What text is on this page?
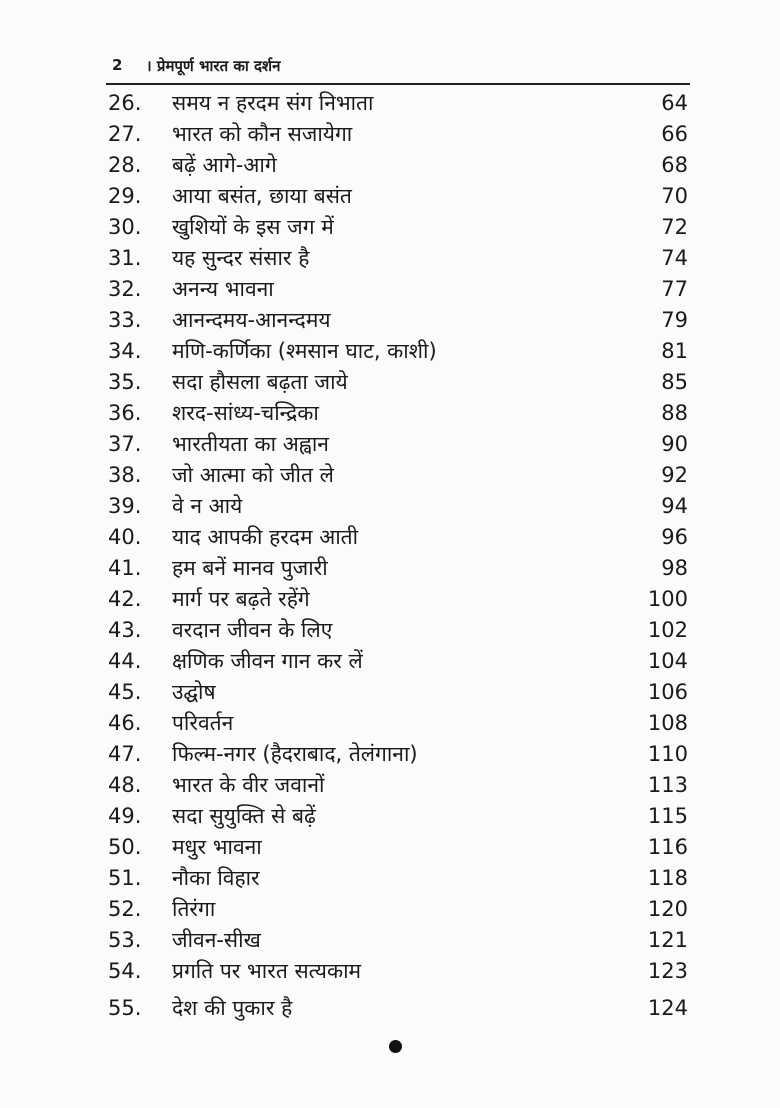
2 । प्रेमपूर्ण भारत का दर्शन
26. समय न हरदम संग निभाता	64
27. भारत को कौन सजायेगा	66
28. बढ़ें आगे-आगे	68
29. आया बसंत, छाया बसंत	70
30. खुशियों के इस जग में	72
31. यह सुन्दर संसार है	74
32. अनन्य भावना	77
33. आनन्दमय-आनन्दमय	79
34. मणि-कर्णिका (श्मसान घाट, काशी)	81
35. सदा हौसला बढ़ता जाये	85
36. शरद-सांध्य-चन्द्रिका	88
37. भारतीयता का अह्वान	90
38. जो आत्मा को जीत ले	92
39. वे न आये	94
40. याद आपकी हरदम आती	96
41. हम बनें मानव पुजारी	98
42. मार्ग पर बढ़ते रहेंगे	100
43. वरदान जीवन के लिए	102
44. क्षणिक जीवन गान कर लें	104
45. उद्घोष	106
46. परिवर्तन	108
47. फिल्म-नगर (हैदराबाद, तेलंगाना)	110
48. भारत के वीर जवानों	113
49. सदा सुयुक्ति से बढ़ें	115
50. मधुर भावना	116
51. नौका विहार	118
52. तिरंगा	120
53. जीवन-सीख	121
54. प्रगति पर भारत सत्यकाम	123
55. देश की पुकार है	124
